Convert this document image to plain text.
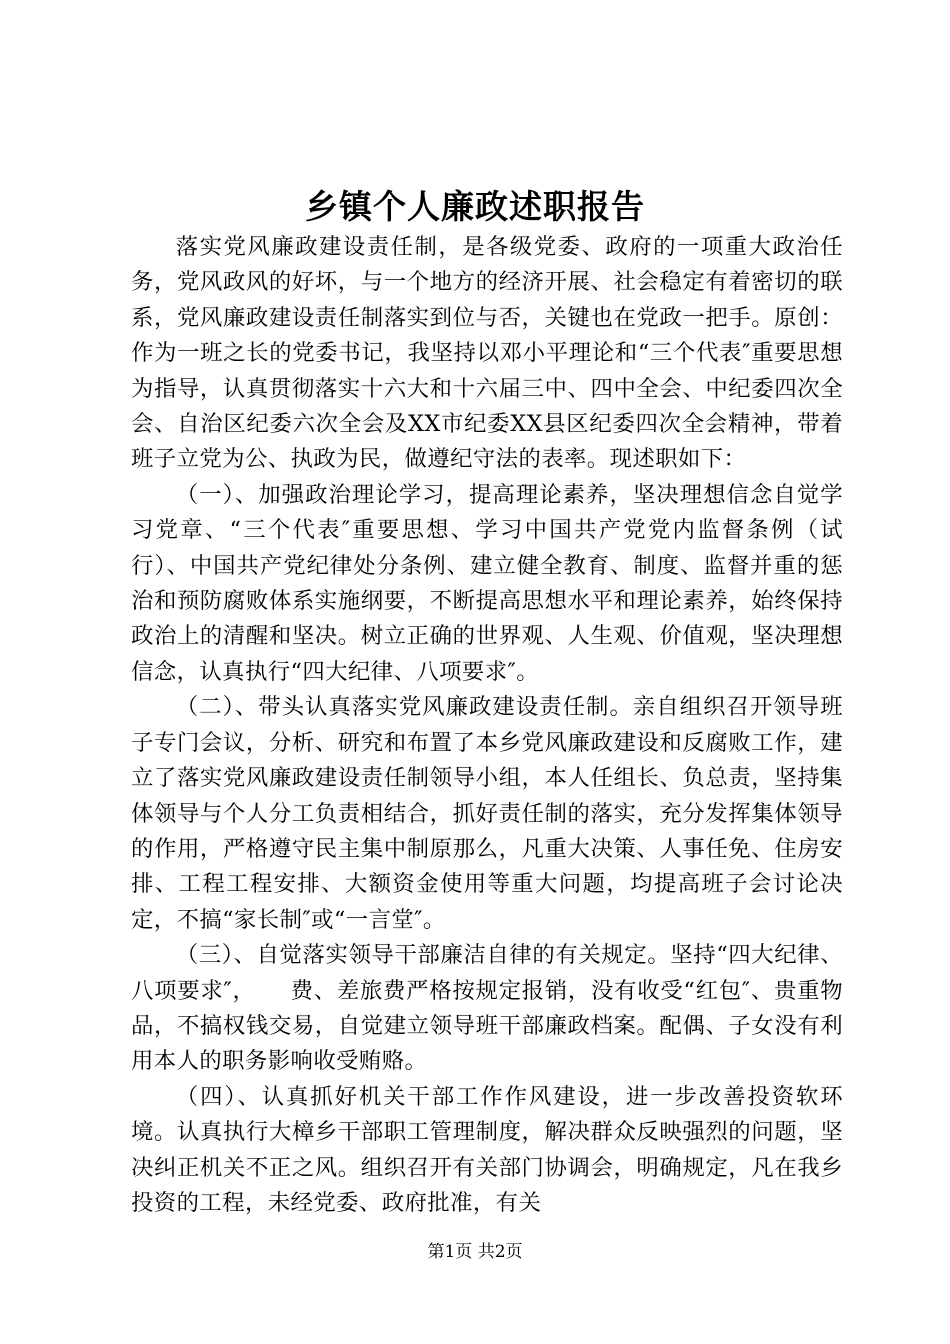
乡镇个人廉政述职报告

落实党风廉政建设责任制，是各级党委、政府的一项重大政治任务，党风政风的好坏，与一个地方的经济开展、社会稳定有着密切的联系，党风廉政建设责任制落实到位与否，关键也在党政一把手。原创：作为一班之长的党委书记，我坚持以邓小平理论和“三个代表″重要思想为指导，认真贯彻落实十六大和十六届三中、四中全会、中纪委四次全会、自治区纪委六次全会及XX市纪委XX县区纪委四次全会精神，带着班子立党为公、执政为民，做遵纪守法的表率。现述职如下：

（一）、加强政治理论学习，提高理论素养，坚决理想信念自觉学习党章、“三个代表″重要思想、学习中国共产党党内监督条例（试行）、中国共产党纪律处分条例、建立健全教育、制度、监督并重的惩治和预防腐败体系实施纲要，不断提高思想水平和理论素养，始终保持政治上的清醒和坚决。树立正确的世界观、人生观、价值观，坚决理想信念，认真执行“四大纪律、八项要求″。

（二）、带头认真落实党风廉政建设责任制。亲自组织召开领导班子专门会议，分析、研究和布置了本乡党风廉政建设和反腐败工作，建立了落实党风廉政建设责任制领导小组，本人任组长、负总责，坚持集体领导与个人分工负责相结合，抓好责任制的落实，充分发挥集体领导的作用，严格遵守民主集中制原那么，凡重大决策、人事任免、住房安排、工程工程安排、大额资金使用等重大问题，均提高班子会讨论决定，不搞“家长制″或“一言堂″。

（三）、自觉落实领导干部廉洁自律的有关规定。坚持“四大纪律、八项要求″，　　费、差旅费严格按规定报销，没有收受“红包″、贵重物品，不搞权钱交易，自觉建立领导班干部廉政档案。配偶、子女没有利用本人的职务影响收受贿赂。

（四）、认真抓好机关干部工作作风建设，进一步改善投资软环境。认真执行大樟乡干部职工管理制度，解决群众反映强烈的问题，坚决纠正机关不正之风。组织召开有关部门协调会，明确规定，凡在我乡投资的工程，未经党委、政府批准，有关

第1页 共2页
